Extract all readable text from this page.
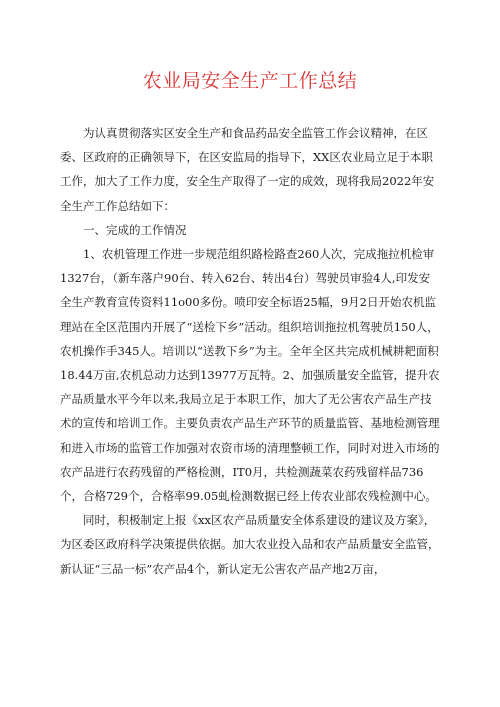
农业局安全生产工作总结

为认真贯彻落实区安全生产和食品药品安全监管工作会议精神，在区委、区政府的正确领导下，在区安监局的指导下，XX区农业局立足于本职工作，加大了工作力度，安全生产取得了一定的成效，现将我局2022年安全生产工作总结如下：

一、完成的工作情况

1、农机管理工作进一步规范组织路检路查260人次，完成拖拉机检审1327台，（新车落户90台、转入62台、转出4台）驾驶员审验4人,印发安全生产教育宣传资料11o00多份。喷印安全标语25幅，9月2日开始农机监理站在全区范围内开展了“送检下乡”活动。组织培训拖拉机驾驶员150人，农机操作手345人。培训以“送教下乡”为主。全年全区共完成机械耕耙面积18.44万亩,农机总动力达到13977万瓦特。2、加强质量安全监管，提升农产品质量水平今年以来,我局立足于本职工作，加大了无公害农产品生产技术的宣传和培训工作。主要负责农产品生产环节的质量监管、基地检测管理和进入市场的监管工作加强对农资市场的清理整顿工作，同时对进入市场的农产品进行农药残留的严格检测，IT0月，共检测蔬菜农药残留样品736个，合格729个，合格率99.05虬检测数据已经上传农业部农残检测中心。

同时，积极制定上报《xx区农产品质量安全体系建设的建议及方案》，为区委区政府科学决策提供依据。加大农业投入品和农产品质量安全监管，新认证“三品一标”农产品4个，新认定无公害农产品产地2万亩，
